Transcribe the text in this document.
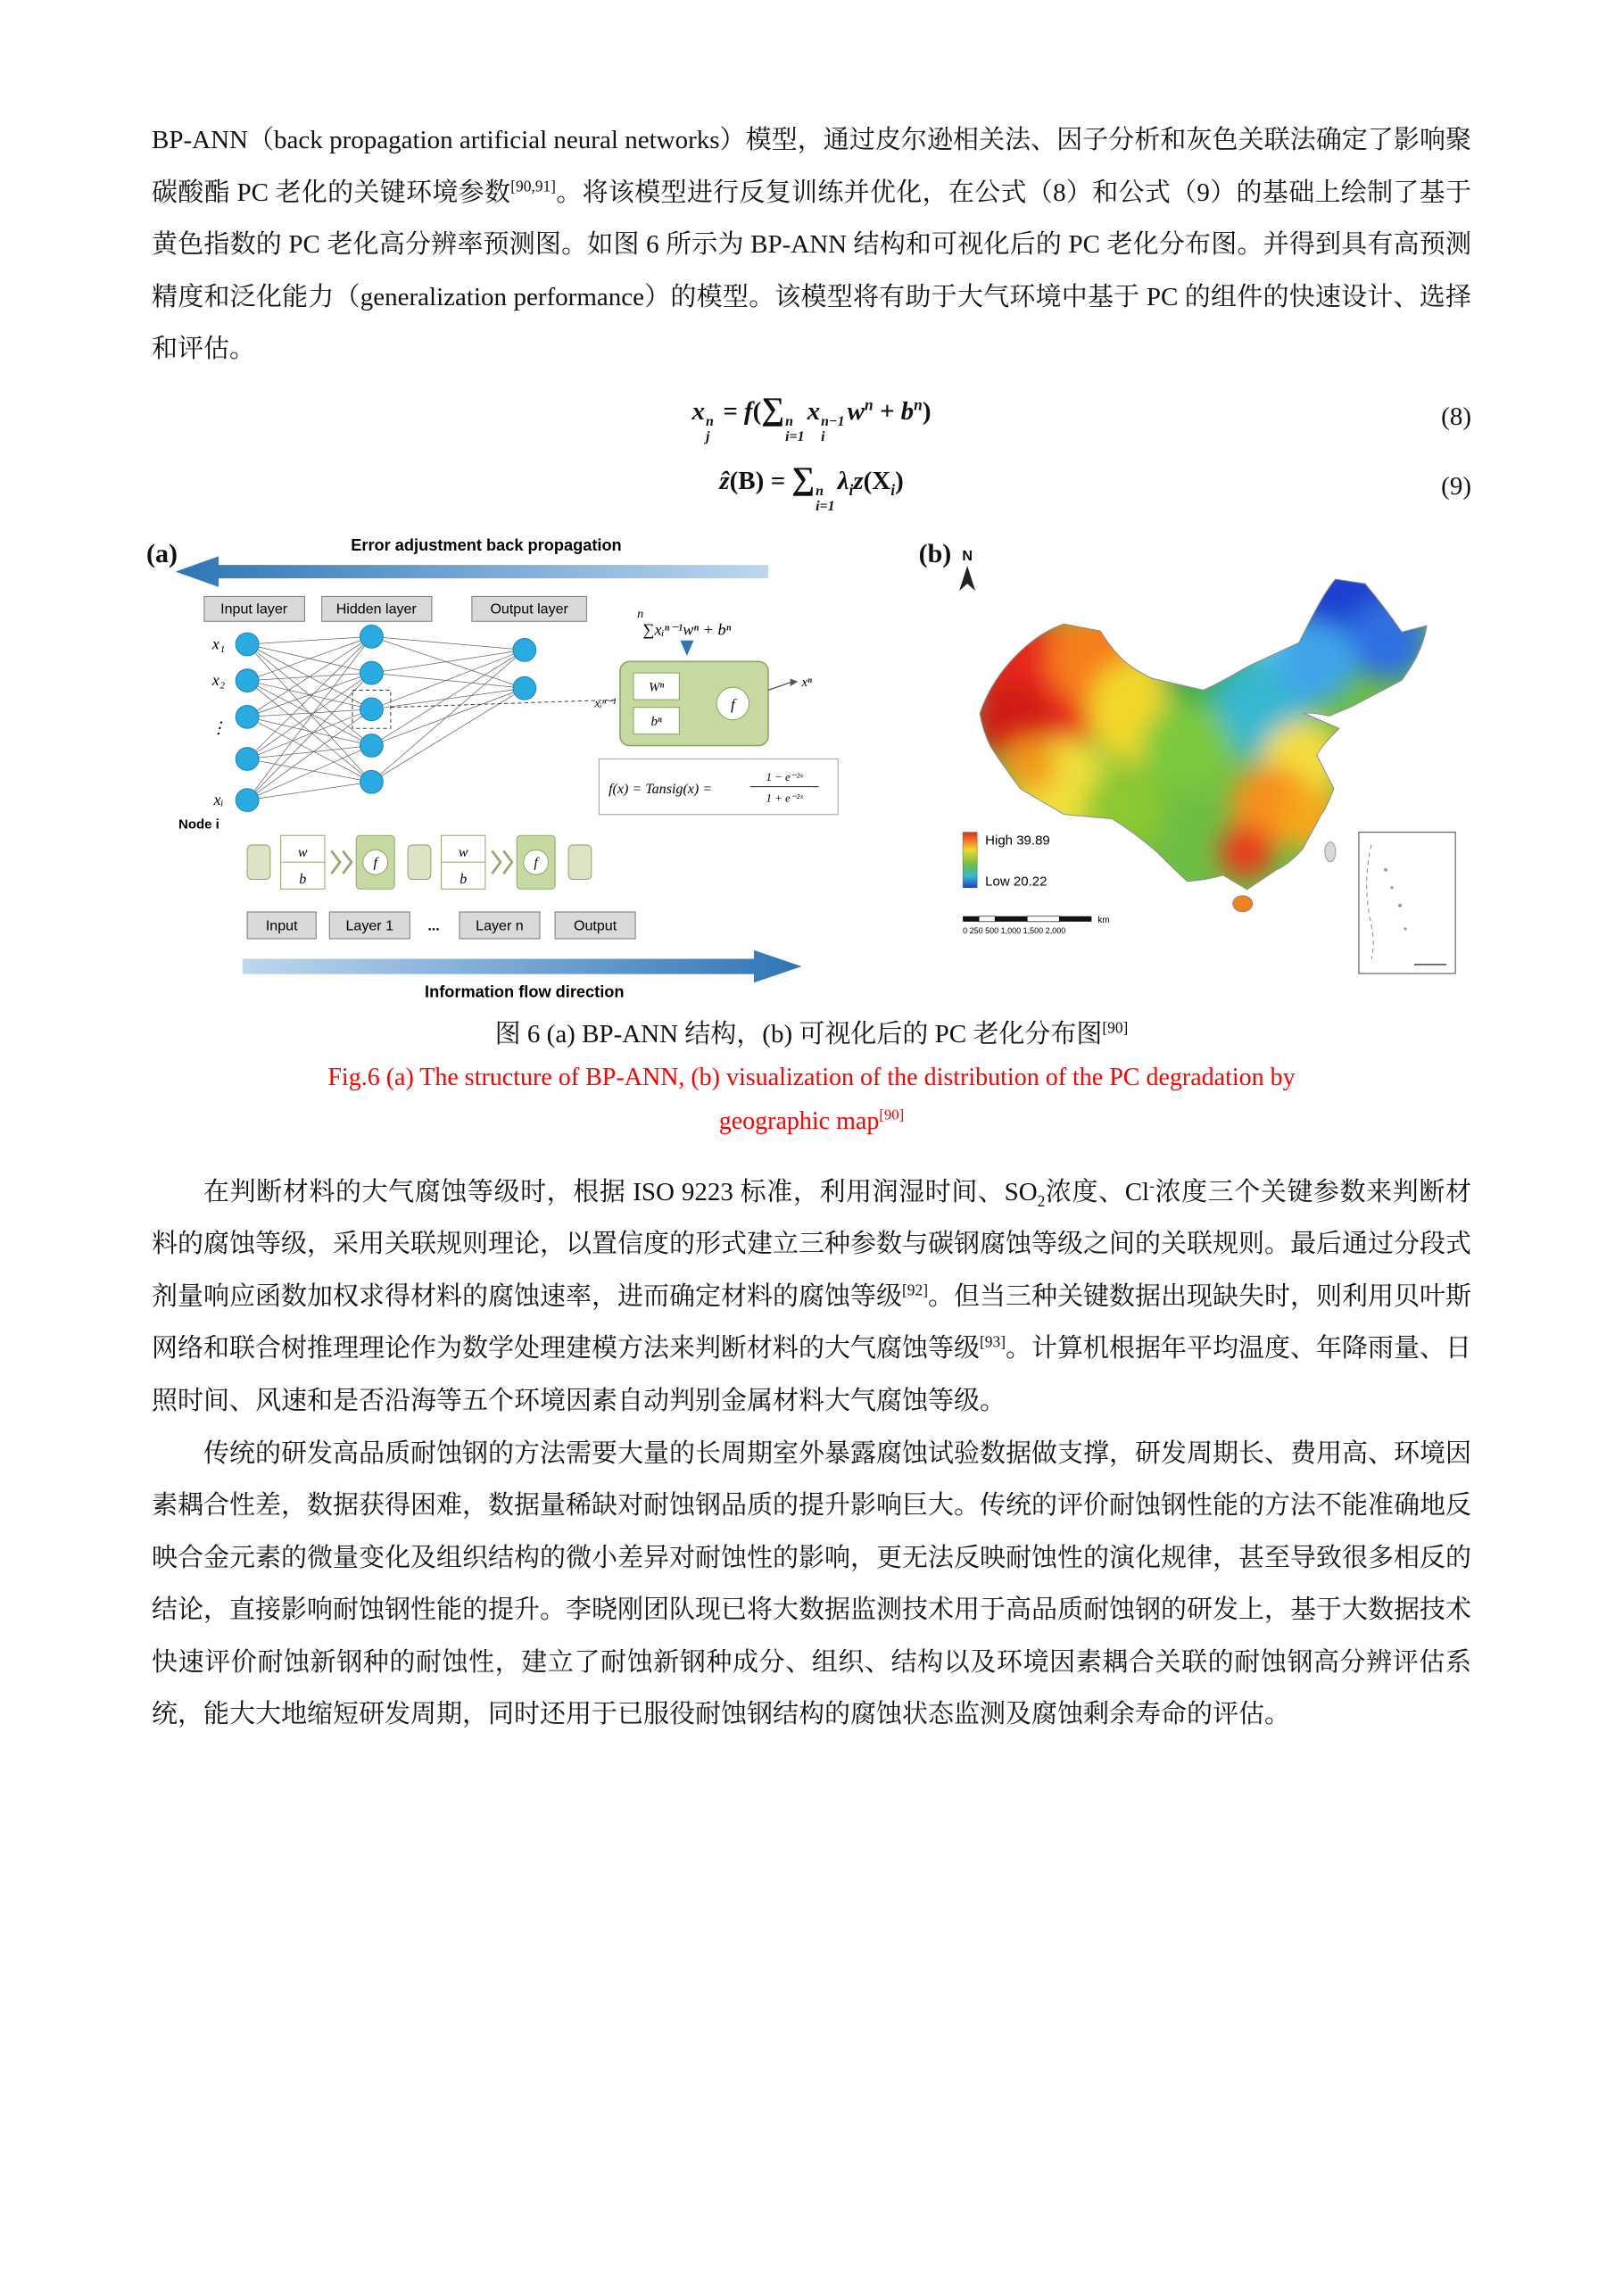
BP-ANN（back propagation artificial neural networks）模型，通过皮尔逊相关法、因子分析和灰色关联法确定了影响聚碳酸酯 PC 老化的关键环境参数[90,91]。将该模型进行反复训练并优化，在公式（8）和公式（9）的基础上绘制了基于黄色指数的 PC 老化高分辨率预测图。如图 6 所示为 BP-ANN 结构和可视化后的 PC 老化分布图。并得到具有高预测精度和泛化能力（generalization performance）的模型。该模型将有助于大气环境中基于 PC 的组件的快速设计、选择和评估。

x n
j
= f(∑ n
i=1
x n−1
i
$w^n + b^n$)	(8)
ẑ(B) = ∑ n
i=1
$\lambda_iz(X_i)$	(9)
(a)	Error adjustment back propagation
Input layer	Hidden layer	Output layer
x₁
x₂
⋮
xᵢ
Node i
n
∑xᵢⁿ⁻¹wⁿ + bⁿ
Wⁿ
bⁿ
f
xᵢⁿ⁻¹
xⁿ
f(x) = Tansig(x) =
1 − e⁻²ˣ
1 + e⁻²ˣ
w
b
f
w
b
f
Input	Layer 1	...	Layer n	Output
Information flow direction
(b) N
High 39.89
Low 20.22
0 250 500 1,000 1,500 2,000
km
图 6 (a) BP-ANN 结构，(b) 可视化后的 PC 老化分布图[90]
Fig.6 (a) The structure of BP-ANN, (b) visualization of the distribution of the PC degradation by
geographic map[90]

在判断材料的大气腐蚀等级时，根据 ISO 9223 标准，利用润湿时间、$SO_2$浓度、Cl-浓度三个关键参数来判断材料的腐蚀等级，采用关联规则理论，以置信度的形式建立三种参数与碳钢腐蚀等级之间的关联规则。最后通过分段式剂量响应函数加权求得材料的腐蚀速率，进而确定材料的腐蚀等级[92]。但当三种关键数据出现缺失时，则利用贝叶斯网络和联合树推理理论作为数学处理建模方法来判断材料的大气腐蚀等级[93]。计算机根据年平均温度、年降雨量、日照时间、风速和是否沿海等五个环境因素自动判别金属材料大气腐蚀等级。

传统的研发高品质耐蚀钢的方法需要大量的长周期室外暴露腐蚀试验数据做支撑，研发周期长、费用高、环境因素耦合性差，数据获得困难，数据量稀缺对耐蚀钢品质的提升影响巨大。传统的评价耐蚀钢性能的方法不能准确地反映合金元素的微量变化及组织结构的微小差异对耐蚀性的影响，更无法反映耐蚀性的演化规律，甚至导致很多相反的结论，直接影响耐蚀钢性能的提升。李晓刚团队现已将大数据监测技术用于高品质耐蚀钢的研发上，基于大数据技术快速评价耐蚀新钢种的耐蚀性，建立了耐蚀新钢种成分、组织、结构以及环境因素耦合关联的耐蚀钢高分辨评估系统，能大大地缩短研发周期，同时还用于已服役耐蚀钢结构的腐蚀状态监测及腐蚀剩余寿命的评估。
